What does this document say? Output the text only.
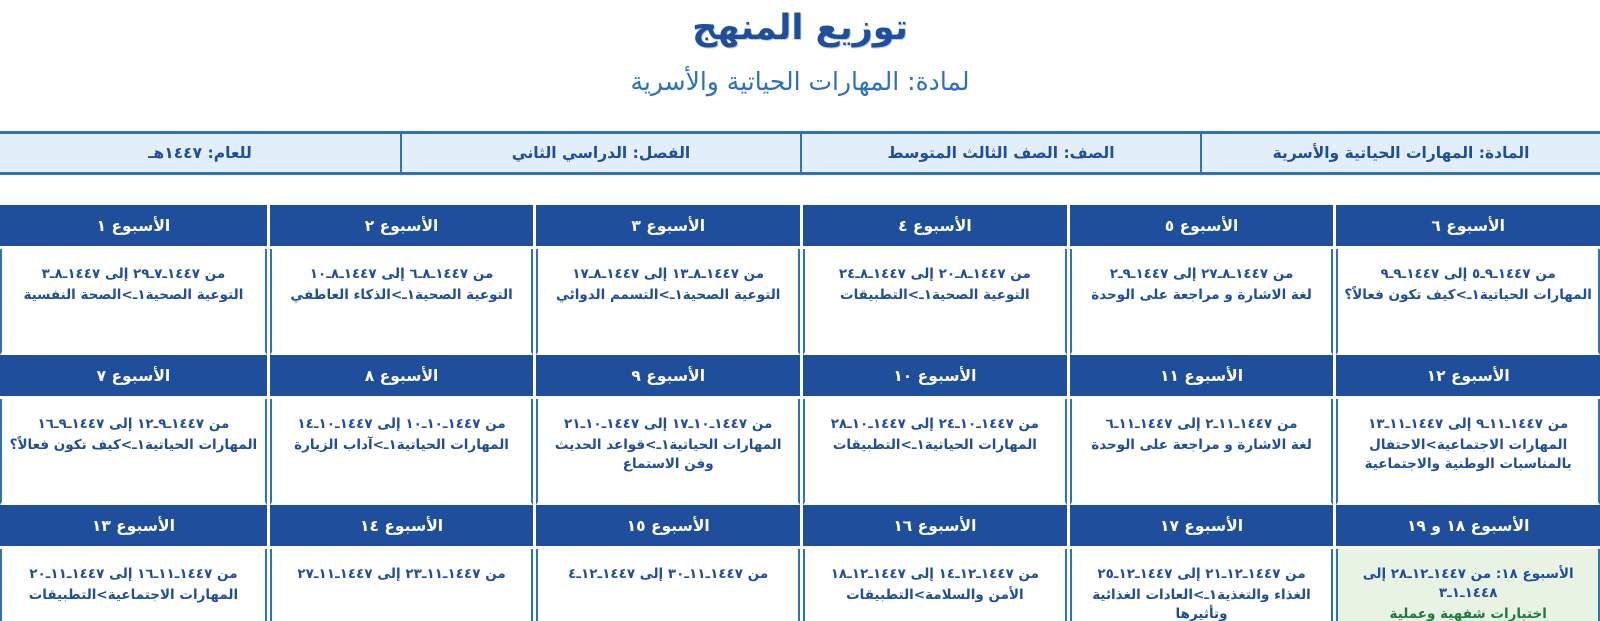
توزيع المنهج
لمادة: المهارات الحياتية والأسرية
المادة: المهارات الحياتية والأسرية
الصف: الصف الثالث المتوسط
الفصل: الدراسي الثاني
للعام: ١٤٤٧هـ
الأسبوع ٦
من ١٤٤٧ـ٩ـ٥ إلى ١٤٤٧ـ٩ـ٩
المهارات الحياتية١ـ>كيف تكون فعالاً؟
الأسبوع ٥
من ١٤٤٧ـ٨ـ٢٧ إلى ١٤٤٧ـ٩ـ٢
لغة الاشارة و مراجعة على الوحدة
الأسبوع ٤
من ١٤٤٧ـ٨ـ٢٠ إلى ١٤٤٧ـ٨ـ٢٤
التوعية الصحية١ـ>التطبيقات
الأسبوع ٣
من ١٤٤٧ـ٨ـ١٣ إلى ١٤٤٧ـ٨ـ١٧
التوعية الصحية١ـ>التسمم الدوائي
الأسبوع ٢
من ١٤٤٧ـ٨ـ٦ إلى ١٤٤٧ـ٨ـ١٠
التوعية الصحية١ـ>الذكاء العاطفي
الأسبوع ١
من ١٤٤٧ـ٧ـ٢٩ إلى ١٤٤٧ـ٨ـ٣
التوعية الصحية١ـ>الصحة النفسية
الأسبوع ١٢
من ١٤٤٧ـ١١ـ٩ إلى ١٤٤٧ـ١١ـ١٣
المهارات الاجتماعية>الاحتفال بالمناسبات الوطنية والاجتماعية
الأسبوع ١١
من ١٤٤٧ـ١١ـ٢ إلى ١٤٤٧ـ١١ـ٦
لغة الاشارة و مراجعة على الوحدة
الأسبوع ١٠
من ١٤٤٧ـ١٠ـ٢٤ إلى ١٤٤٧ـ١٠ـ٢٨
المهارات الحياتية١ـ>التطبيقات
الأسبوع ٩
من ١٤٤٧ـ١٠ـ١٧ إلى ١٤٤٧ـ١٠ـ٢١
المهارات الحياتية١ـ>قواعد الحديث وفن الاستماع
الأسبوع ٨
من ١٤٤٧ـ١٠ـ١٠ إلى ١٤٤٧ـ١٠ـ١٤
المهارات الحياتية١ـ>آداب الزيارة
الأسبوع ٧
من ١٤٤٧ـ٩ـ١٢ إلى ١٤٤٧ـ٩ـ١٦
المهارات الحياتية١ـ>كيف تكون فعالاً؟
الأسبوع ١٨ و ١٩
الأسبوع ١٨: من ١٤٤٧ـ١٢ـ٢٨ إلى ١٤٤٨ـ١ـ٣
اختبارات شفهية وعملية
الأسبوع ١٧
من ١٤٤٧ـ١٢ـ٢١ إلى ١٤٤٧ـ١٢ـ٢٥
الغذاء والتغذية١ـ>العادات الغذائية وتأثيرها
الأسبوع ١٦
من ١٤٤٧ـ١٢ـ١٤ إلى ١٤٤٧ـ١٢ـ١٨
الأمن والسلامة>التطبيقات
الأسبوع ١٥
من ١٤٤٧ـ١١ـ٣٠ إلى ١٤٤٧ـ١٢ـ٤
الأسبوع ١٤
من ١٤٤٧ـ١١ـ٢٣ إلى ١٤٤٧ـ١١ـ٢٧
الأسبوع ١٣
من ١٤٤٧ـ١١ـ١٦ إلى ١٤٤٧ـ١١ـ٢٠
المهارات الاجتماعية>التطبيقات
